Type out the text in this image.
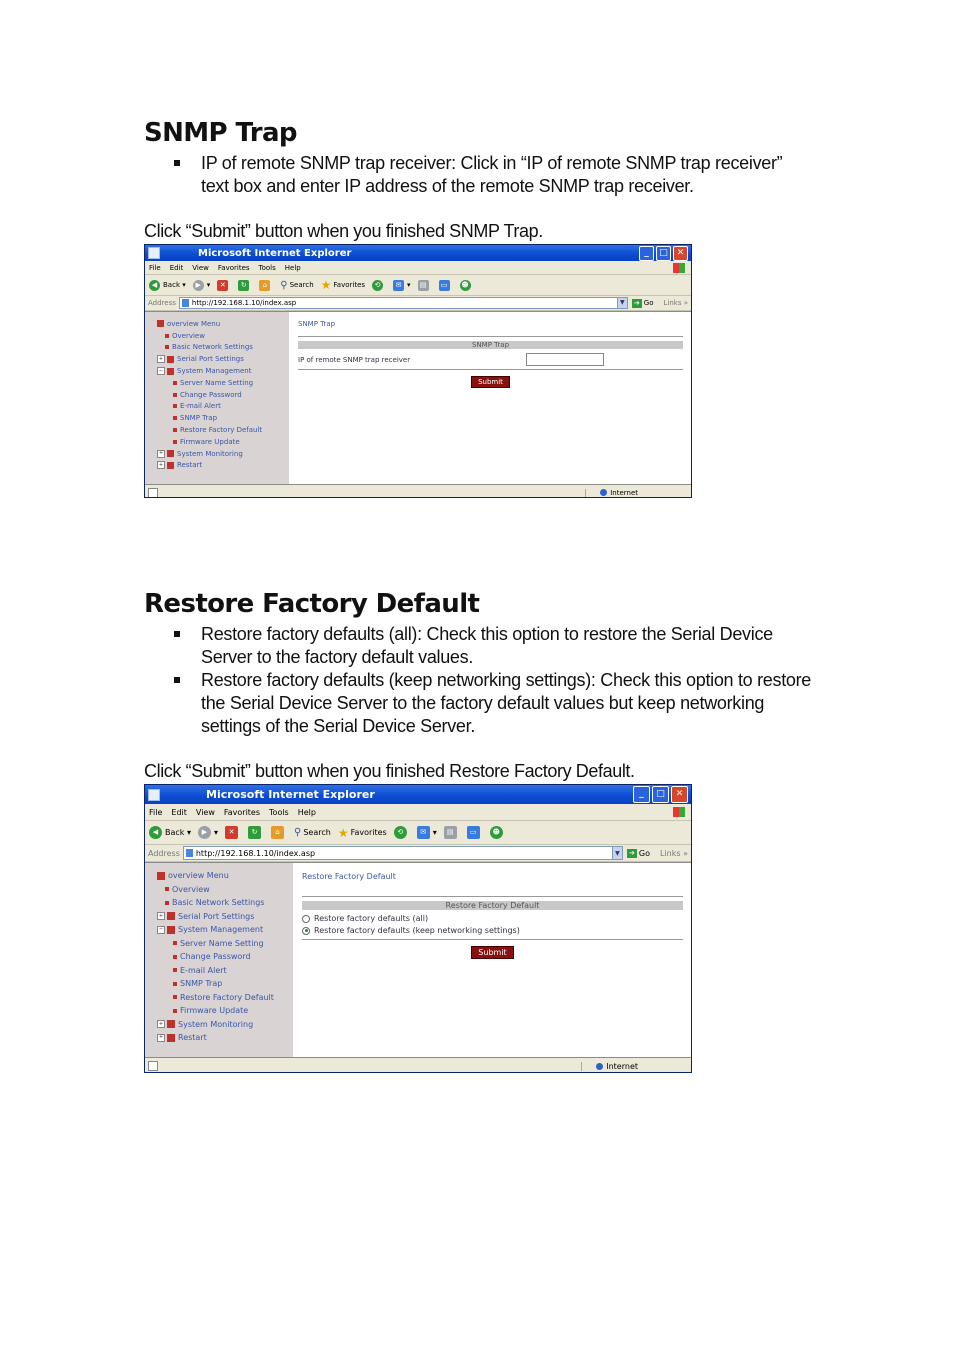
SNMP Trap
IP of remote SNMP trap receiver: Click in “IP of remote SNMP trap receiver” text box and enter IP address of the remote SNMP trap receiver.

Click “Submit” button when you finished SNMP Trap.

Microsoft Internet Explorer	_	□ ✕
File Edit View Favorites Tools Help
◀ Back ▾	▶ ▾	✕	↻	⌂	⚲ Search ★ Favorites	⟲	✉ ▾	▤	▭	☻
Address http://192.168.1.10/index.asp	▼	➔ Go Links »
overview Menu
Overview
Basic Network Settings
+ Serial Port Settings
− System Management
Server Name Setting
Change Password
E-mail Alert
SNMP Trap
Restore Factory Default
Firmware Update
+ System Monitoring
+ Restart
SNMP Trap
SNMP Trap
IP of remote SNMP trap receiver
Submit
Internet
Restore Factory Default
Restore factory defaults (all): Check this option to restore the Serial Device Server to the factory default values.
Restore factory defaults (keep networking settings): Check this option to restore the Serial Device Server to the factory default values but keep networking settings of the Serial Device Server.

Click “Submit” button when you finished Restore Factory Default.

Microsoft Internet Explorer	_	□	✕
File Edit View Favorites Tools Help
◀ Back ▾	▶ ▾	✕	↻	⌂	⚲ Search ★ Favorites	⟲	✉ ▾	▤	▭	☻
Address http://192.168.1.10/index.asp	▼	➔ Go Links »
overview Menu
Overview
Basic Network Settings
+ Serial Port Settings
− System Management
Server Name Setting
Change Password
E-mail Alert
SNMP Trap
Restore Factory Default
Firmware Update
+ System Monitoring
+ Restart
Restore Factory Default
Restore Factory Default
Restore factory defaults (all)
Restore factory defaults (keep networking settings)
Submit
Internet
